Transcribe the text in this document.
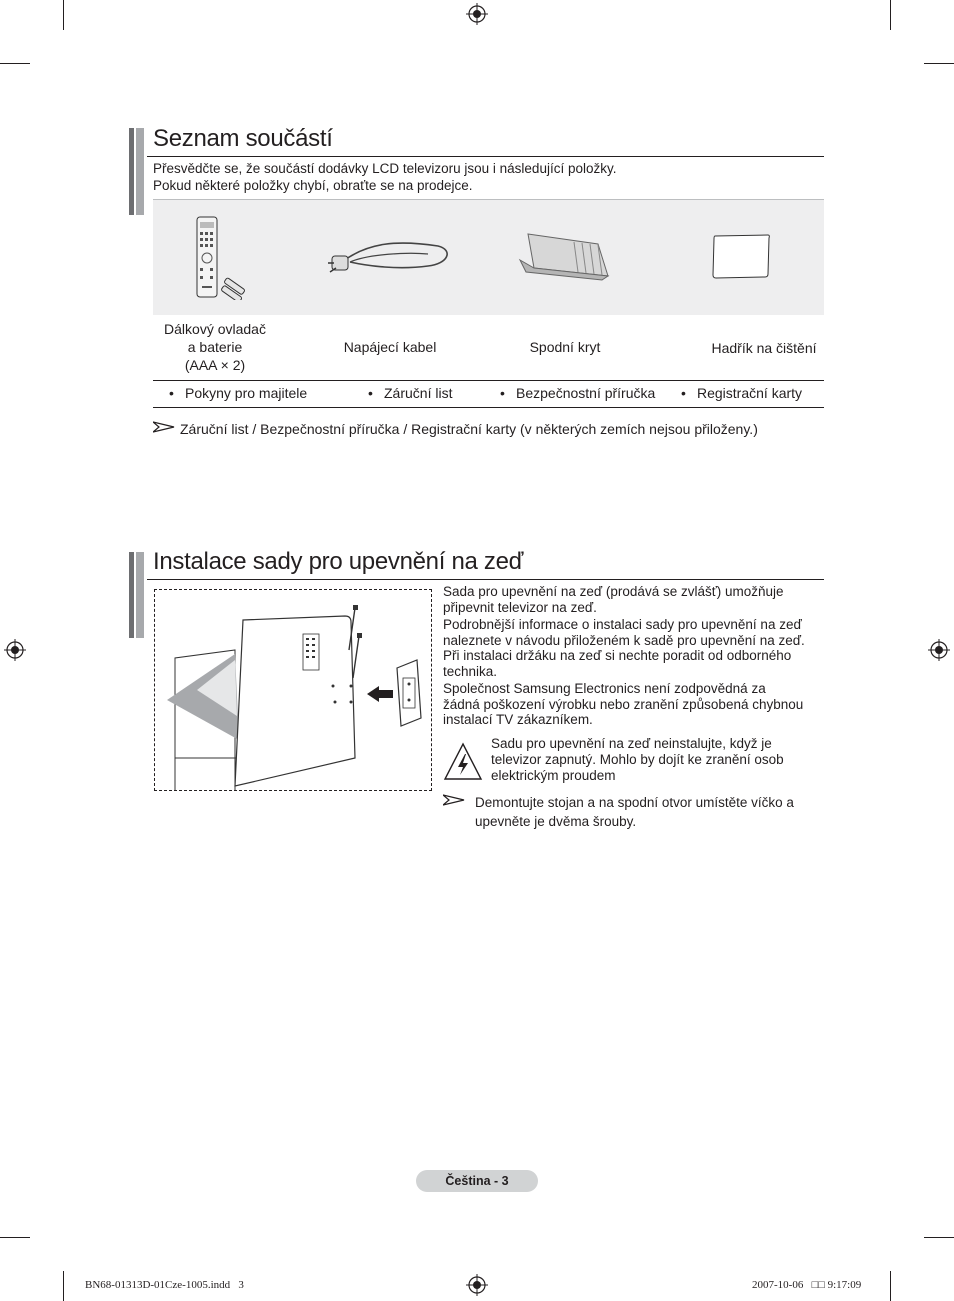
Seznam součástí

Přesvědčte se, že součástí dodávky LCD televizoru jsou i následující položky.

Pokud některé položky chybí, obraťte se na prodejce.

Dálkový ovladač
a baterie
(AAA × 2)
Napájecí kabel	Spodní kryt	Hadřík na čištění
• Pokyny pro majitele	• Záruční list	• Bezpečnostní příručka • Registrační karty

Záruční list / Bezpečnostní příručka / Registrační karty (v některých zemích nejsou přiloženy.)

Instalace sady pro upevnění na zeď
Sada pro upevnění na zeď (prodává se zvlášť) umožňuje
připevnit televizor na zeď.
Podrobnější informace o instalaci sady pro upevnění na zeď
naleznete v návodu přiloženém k sadě pro upevnění na zeď.
Při instalaci držáku na zeď si nechte poradit od odborného
technika.
Společnost Samsung Electronics není zodpovědná za
žádná poškození výrobku nebo zranění způsobená chybnou
instalací TV zákazníkem.
Sadu pro upevnění na zeď neinstalujte, když je
televizor zapnutý. Mohlo by dojít ke zranění osob
elektrickým proudem
Demontujte stojan a na spodní otvor umístěte víčko a
upevněte je dvěma šrouby.
Čeština - 3
BN68-01313D-01Cze-1005.indd   3	2007-10-06   □□ 9:17:09
